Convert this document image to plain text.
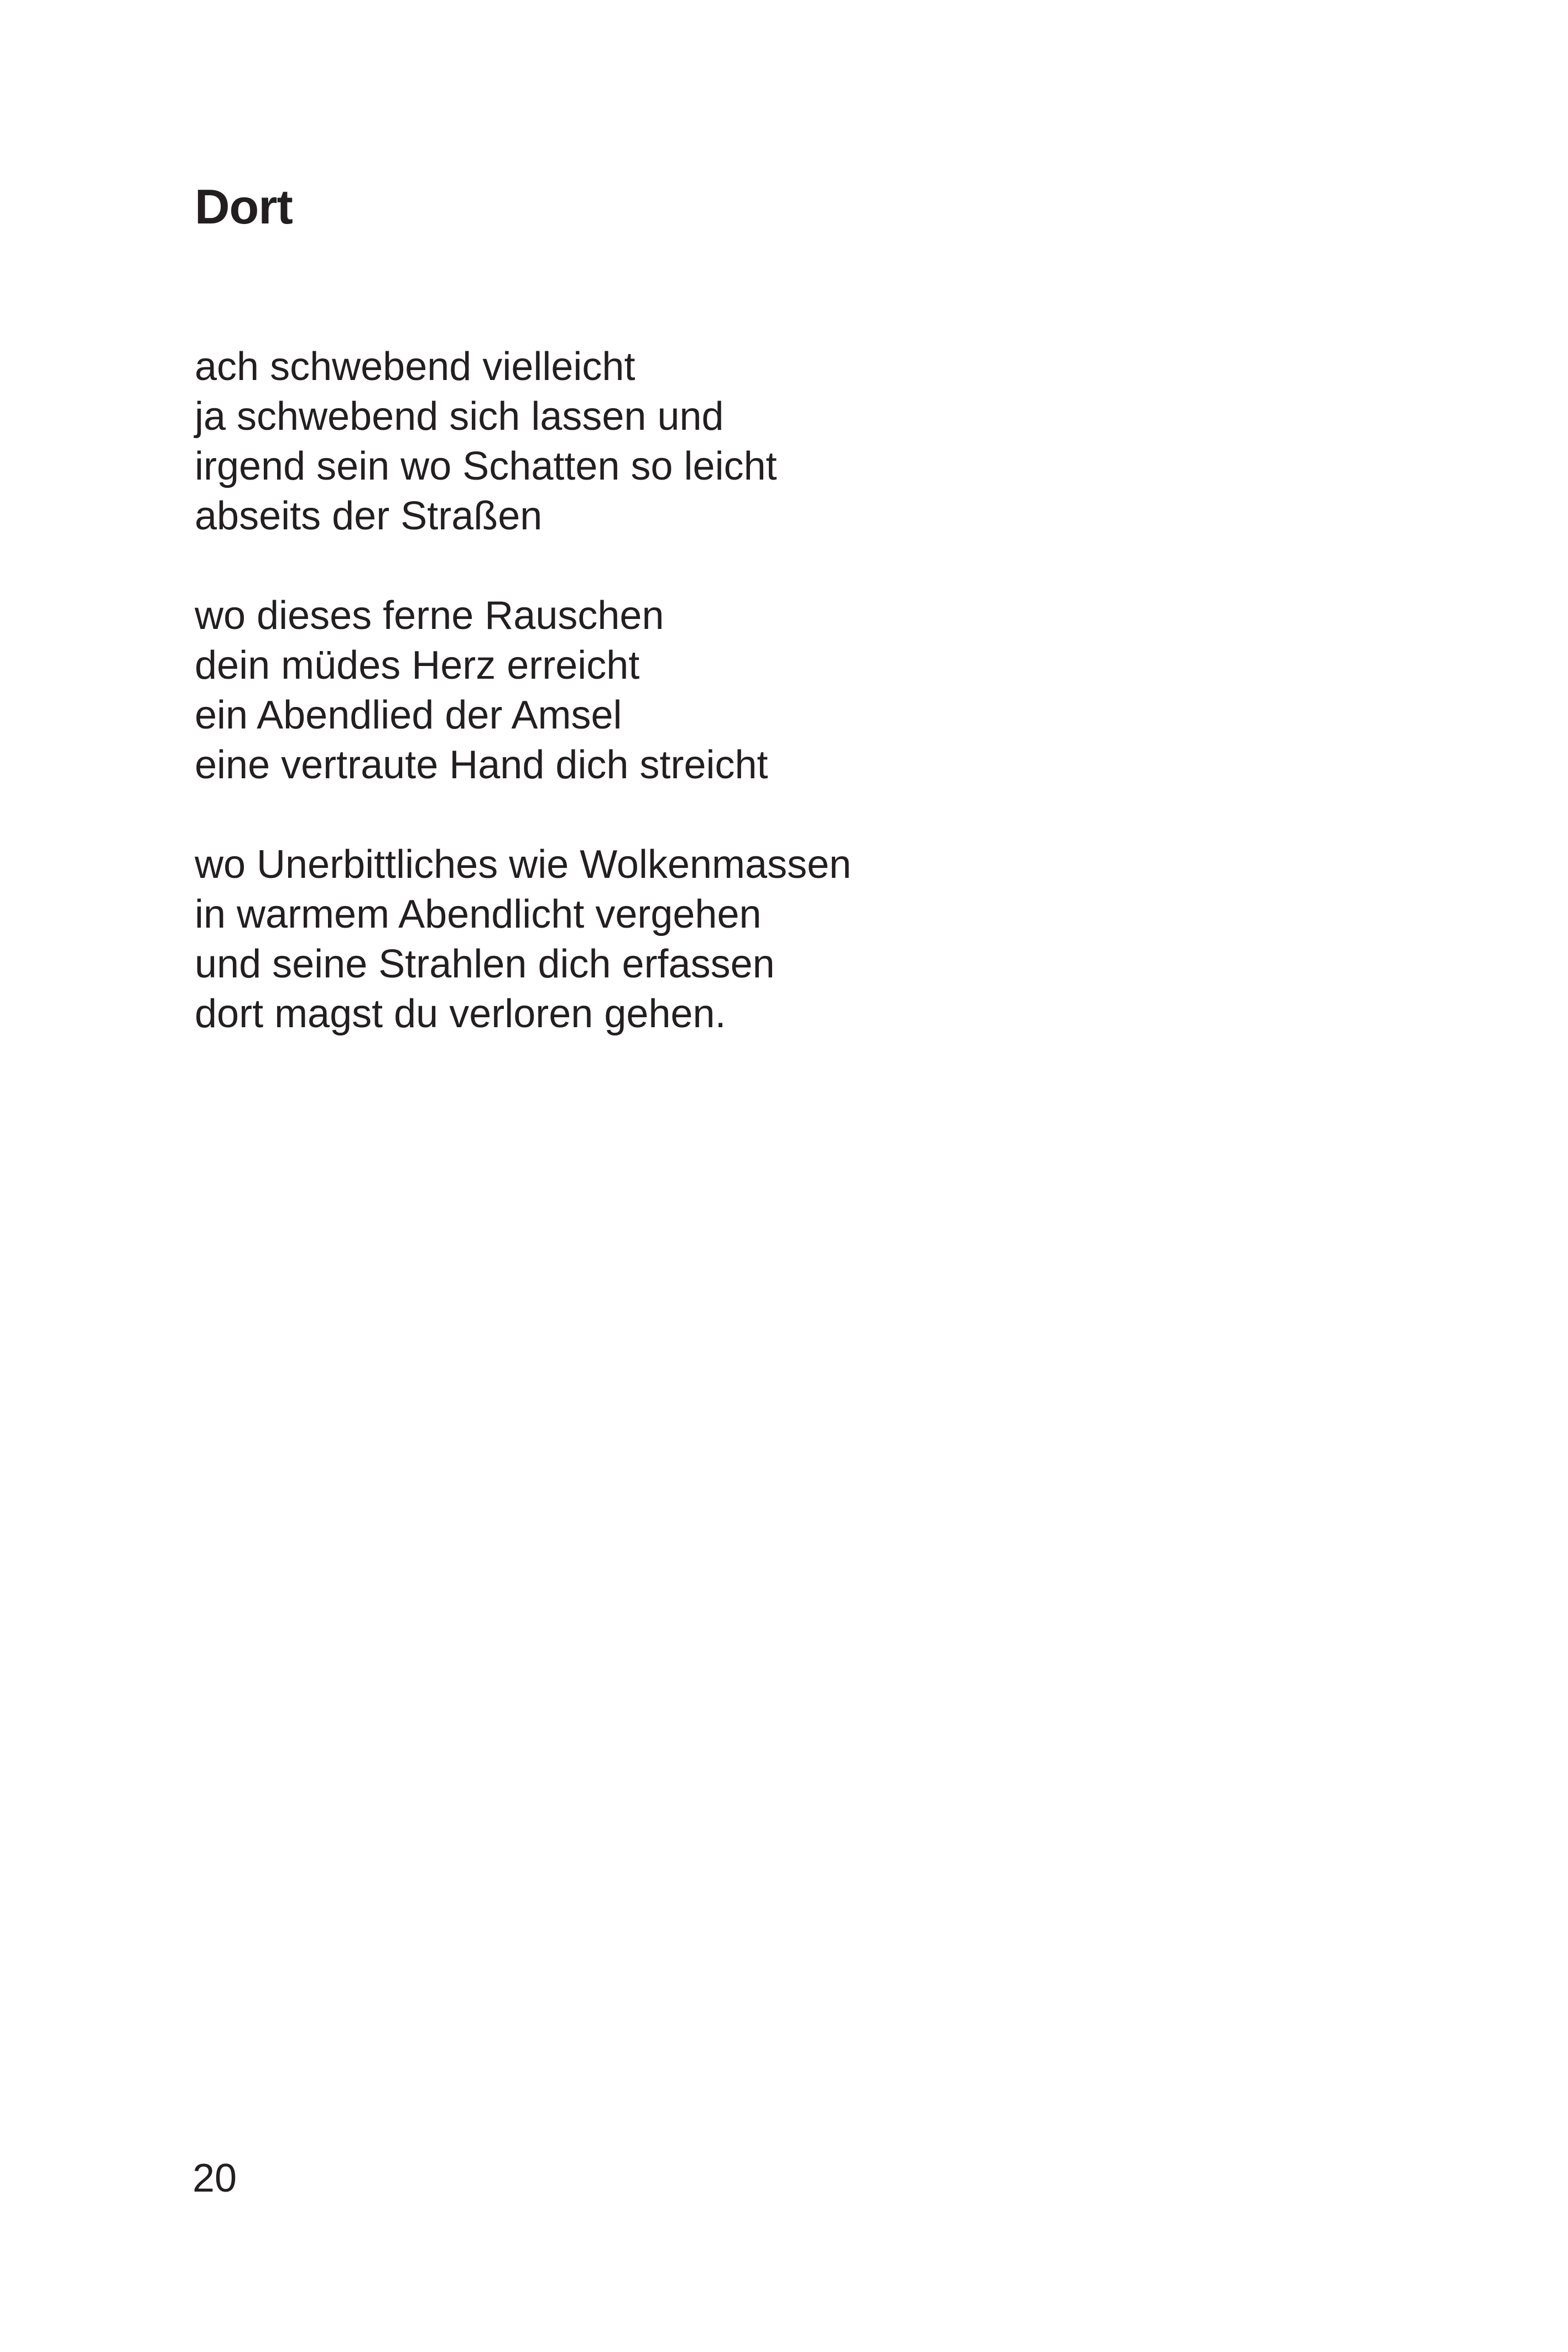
Dort
ach schwebend vielleicht
ja schwebend sich lassen und
irgend sein wo Schatten so leicht
abseits der Straßen
wo dieses ferne Rauschen
dein müdes Herz erreicht
ein Abendlied der Amsel
eine vertraute Hand dich streicht
wo Unerbittliches wie Wolkenmassen
in warmem Abendlicht vergehen
und seine Strahlen dich erfassen
dort magst du verloren gehen.
20
